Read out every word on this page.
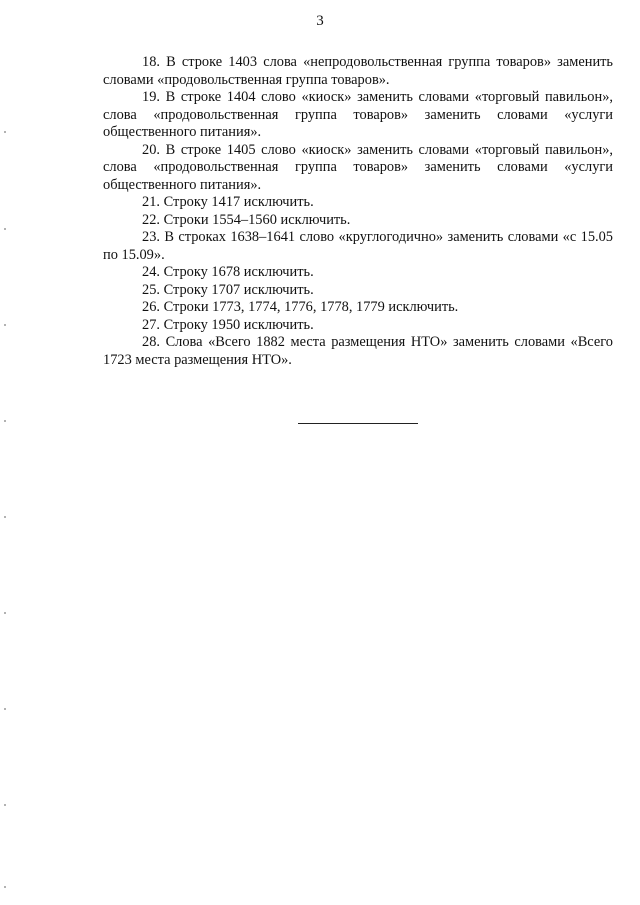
3

18. В строке 1403 слова «непродовольственная группа товаров» заменить словами «продовольственная группа товаров».

19. В строке 1404 слово «киоск» заменить словами «торговый павильон», слова «продовольственная группа товаров» заменить словами «услуги общественного питания».

20. В строке 1405 слово «киоск» заменить словами «торговый павильон», слова «продовольственная группа товаров» заменить словами «услуги общественного питания».

21. Строку 1417 исключить.

22. Строки 1554–1560 исключить.

23. В строках 1638–1641 слово «круглогодично» заменить словами «с 15.05 по 15.09».

24. Строку 1678 исключить.

25. Строку 1707 исключить.

26. Строки 1773, 1774, 1776, 1778, 1779 исключить.

27. Строку 1950 исключить.

28. Слова «Всего 1882 места размещения НТО» заменить словами «Всего 1723 места размещения НТО».
